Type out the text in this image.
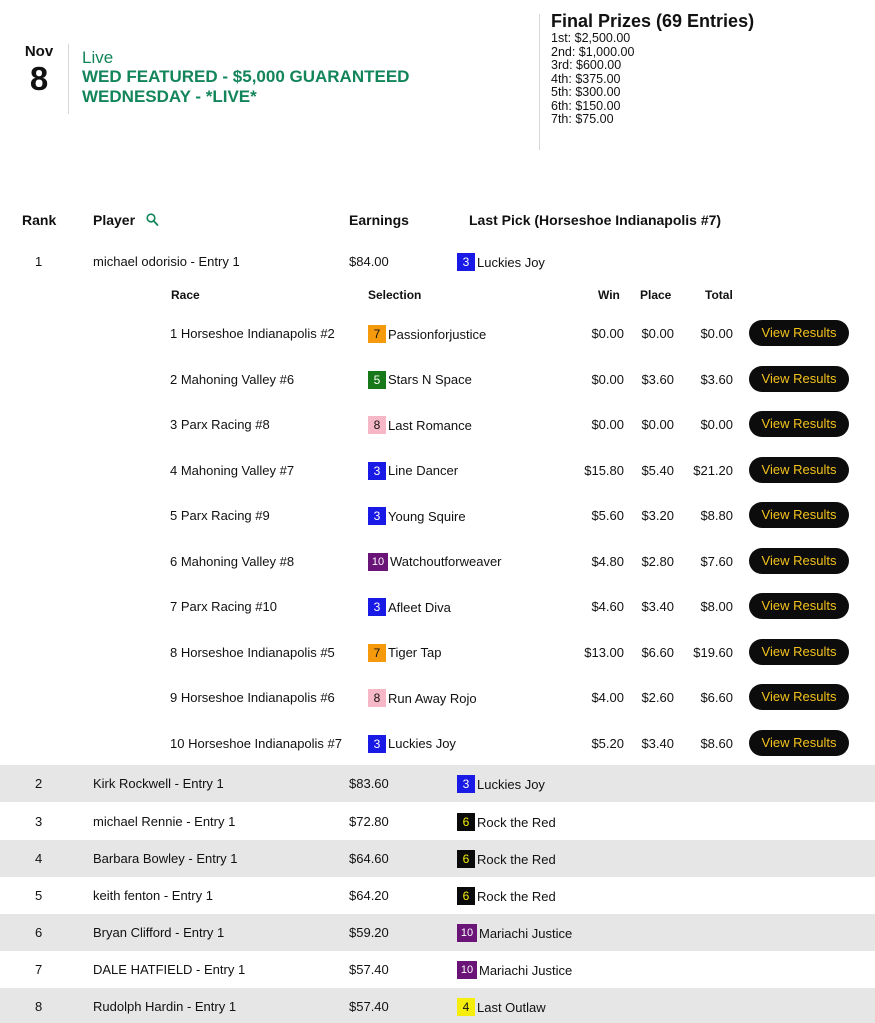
Nov
8
Live
WED FEATURED - $5,000 GUARANTEED WEDNESDAY - *LIVE*
Final Prizes (69 Entries)
1st: $2,500.00
2nd: $1,000.00
3rd: $600.00
4th: $375.00
5th: $300.00
6th: $150.00
7th: $75.00
Rank	Player	Earnings	Last Pick (Horseshoe Indianapolis #7)
1	michael odorisio - Entry 1	$84.00	3 Luckies Joy
Race	Selection	Win Place	Total
1 Horseshoe Indianapolis #2	7 Passionforjustice	$0.00 $0.00 $0.00	View Results
2 Mahoning Valley #6	5 Stars N Space	$0.00 $3.60 $3.60	View Results
3 Parx Racing #8	8 Last Romance	$0.00 $0.00 $0.00	View Results
4 Mahoning Valley #7	3 Line Dancer	$15.80 $5.40 $21.20	View Results
5 Parx Racing #9	3 Young Squire	$5.60 $3.20 $8.80	View Results
6 Mahoning Valley #8	10 Watchoutforweaver	$4.80 $2.80 $7.60	View Results
7 Parx Racing #10	3 Afleet Diva	$4.60 $3.40 $8.00	View Results
8 Horseshoe Indianapolis #5	7 Tiger Tap	$13.00 $6.60 $19.60	View Results
9 Horseshoe Indianapolis #6	8 Run Away Rojo	$4.00 $2.60 $6.60	View Results
10 Horseshoe Indianapolis #7	3 Luckies Joy	$5.20 $3.40 $8.60	View Results
2	Kirk Rockwell - Entry 1	$83.60	3 Luckies Joy
3	michael Rennie - Entry 1	$72.80	6 Rock the Red
4	Barbara Bowley - Entry 1	$64.60	6 Rock the Red
5	keith fenton - Entry 1	$64.20	6 Rock the Red
6	Bryan Clifford - Entry 1	$59.20	10 Mariachi Justice
7	DALE HATFIELD - Entry 1	$57.40	10 Mariachi Justice
8	Rudolph Hardin - Entry 1	$57.40	4 Last Outlaw
